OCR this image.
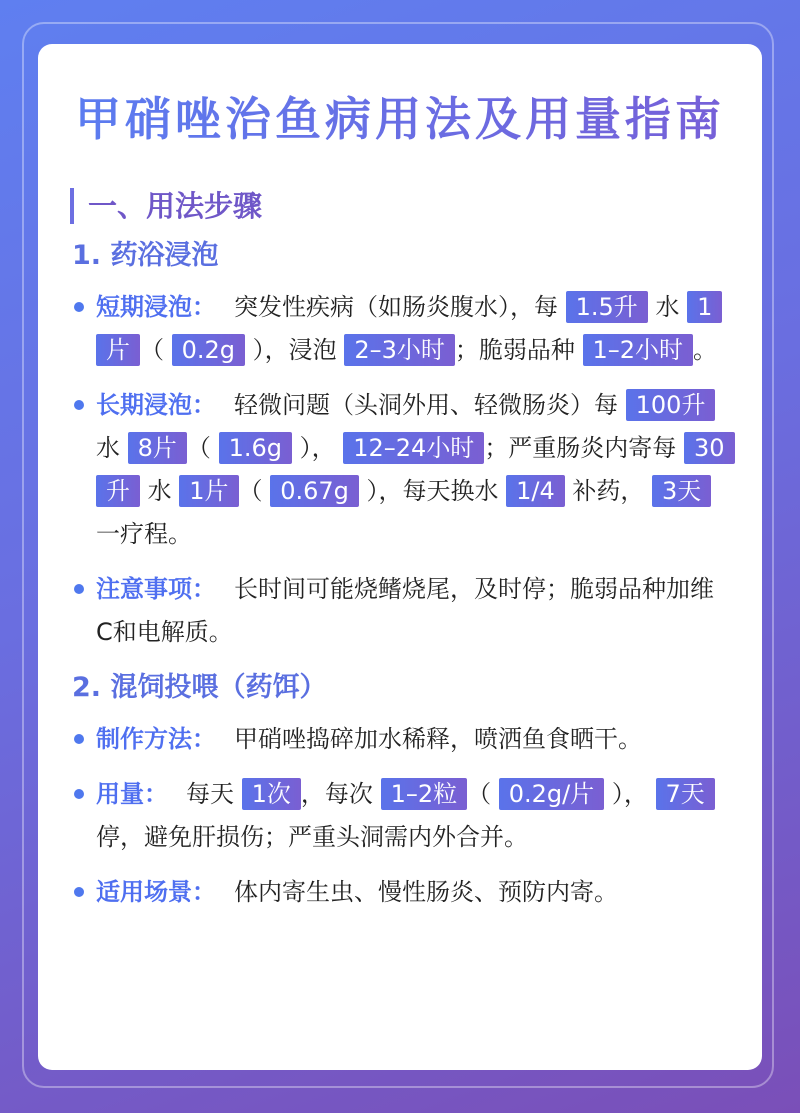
甲硝唑治鱼病用法及用量指南
一、用法步骤
1. 药浴浸泡
短期浸泡： 突发性疾病（如肠炎腹水），每 1.5升 水 1片 （ 0.2g ），浸泡 2–3小时 ；脆弱品种 1–2小时 。
长期浸泡： 轻微问题（头洞外用、轻微肠炎）每 100升 水 8片 （ 1.6g ）， 12–24小时 ；严重肠炎内寄每 30升 水 1片 （ 0.67g ），每天换水 1/4 补药， 3天 一疗程。
注意事项： 长时间可能烧鳍烧尾，及时停；脆弱品种加维C和电解质。
2. 混饲投喂（药饵）
制作方法： 甲硝唑捣碎加水稀释，喷洒鱼食晒干。
用量： 每天 1次 ，每次 1–2粒 （ 0.2g/片 ）， 7天 停，避免肝损伤；严重头洞需内外合并。
适用场景： 体内寄生虫、慢性肠炎、预防内寄。
